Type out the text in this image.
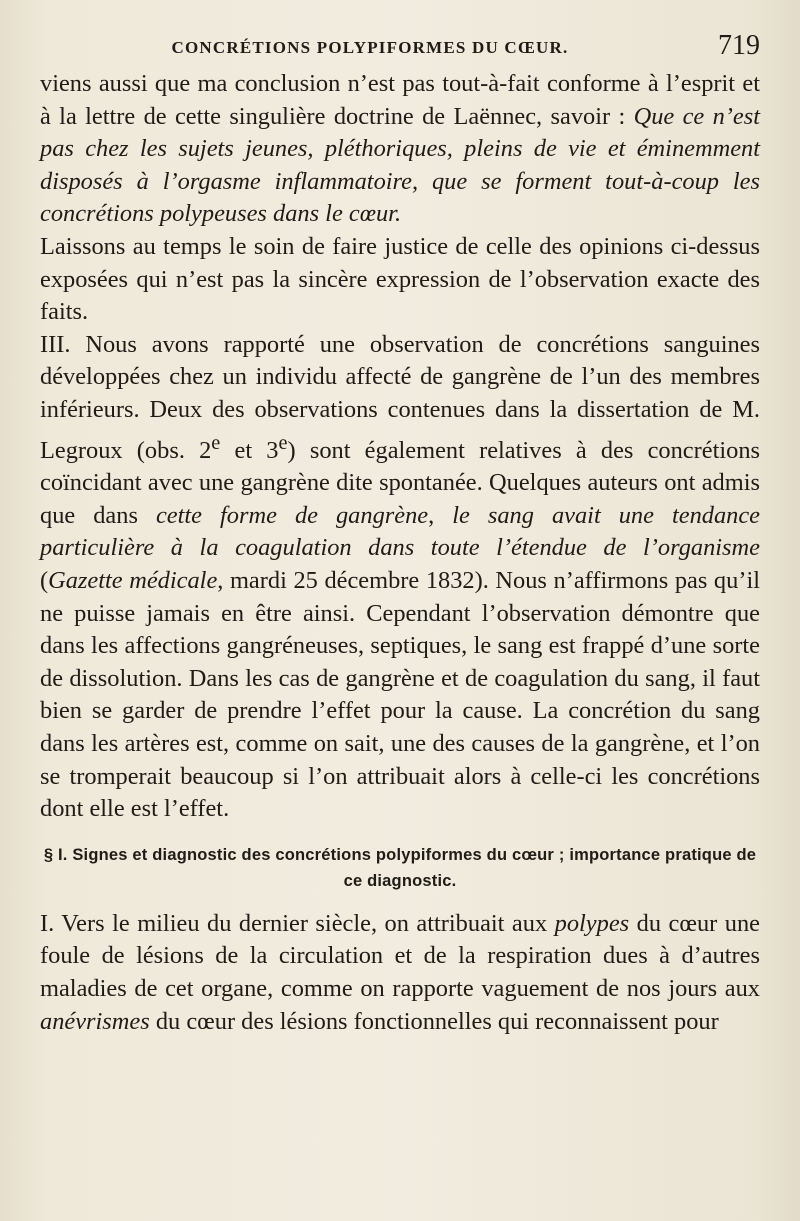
CONCRÉTIONS POLYPIFORMES DU CŒUR.	719

viens aussi que ma conclusion n’est pas tout-à-fait conforme à l’esprit et à la lettre de cette singulière doctrine de Laënnec, savoir : Que ce n’est pas chez les sujets jeunes, pléthoriques, pleins de vie et éminemment disposés à l’orgasme inflammatoire, que se forment tout-à-coup les concrétions polypeuses dans le cœur.

Laissons au temps le soin de faire justice de celle des opinions ci-dessus exposées qui n’est pas la sincère expression de l’observation exacte des faits.

III. Nous avons rapporté une observation de concrétions sanguines développées chez un individu affecté de gangrène de l’un des membres inférieurs. Deux des observations contenues dans la dissertation de M. Legroux (obs. 2e et 3e) sont également relatives à des concrétions coïncidant avec une gangrène dite spontanée. Quelques auteurs ont admis que dans cette forme de gangrène, le sang avait une tendance particulière à la coagulation dans toute l’étendue de l’organisme (Gazette médicale, mardi 25 décembre 1832). Nous n’affirmons pas qu’il ne puisse jamais en être ainsi. Cependant l’observation démontre que dans les affections gangréneuses, septiques, le sang est frappé d’une sorte de dissolution. Dans les cas de gangrène et de coagulation du sang, il faut bien se garder de prendre l’effet pour la cause. La concrétion du sang dans les artères est, comme on sait, une des causes de la gangrène, et l’on se tromperait beaucoup si l’on attribuait alors à celle-ci les concrétions dont elle est l’effet.

§ I. Signes et diagnostic des concrétions polypiformes du cœur ; importance pratique de ce diagnostic.

I. Vers le milieu du dernier siècle, on attribuait aux polypes du cœur une foule de lésions de la circulation et de la respiration dues à d’autres maladies de cet organe, comme on rapporte vaguement de nos jours aux anévrismes du cœur des lésions fonctionnelles qui reconnaissent pour
